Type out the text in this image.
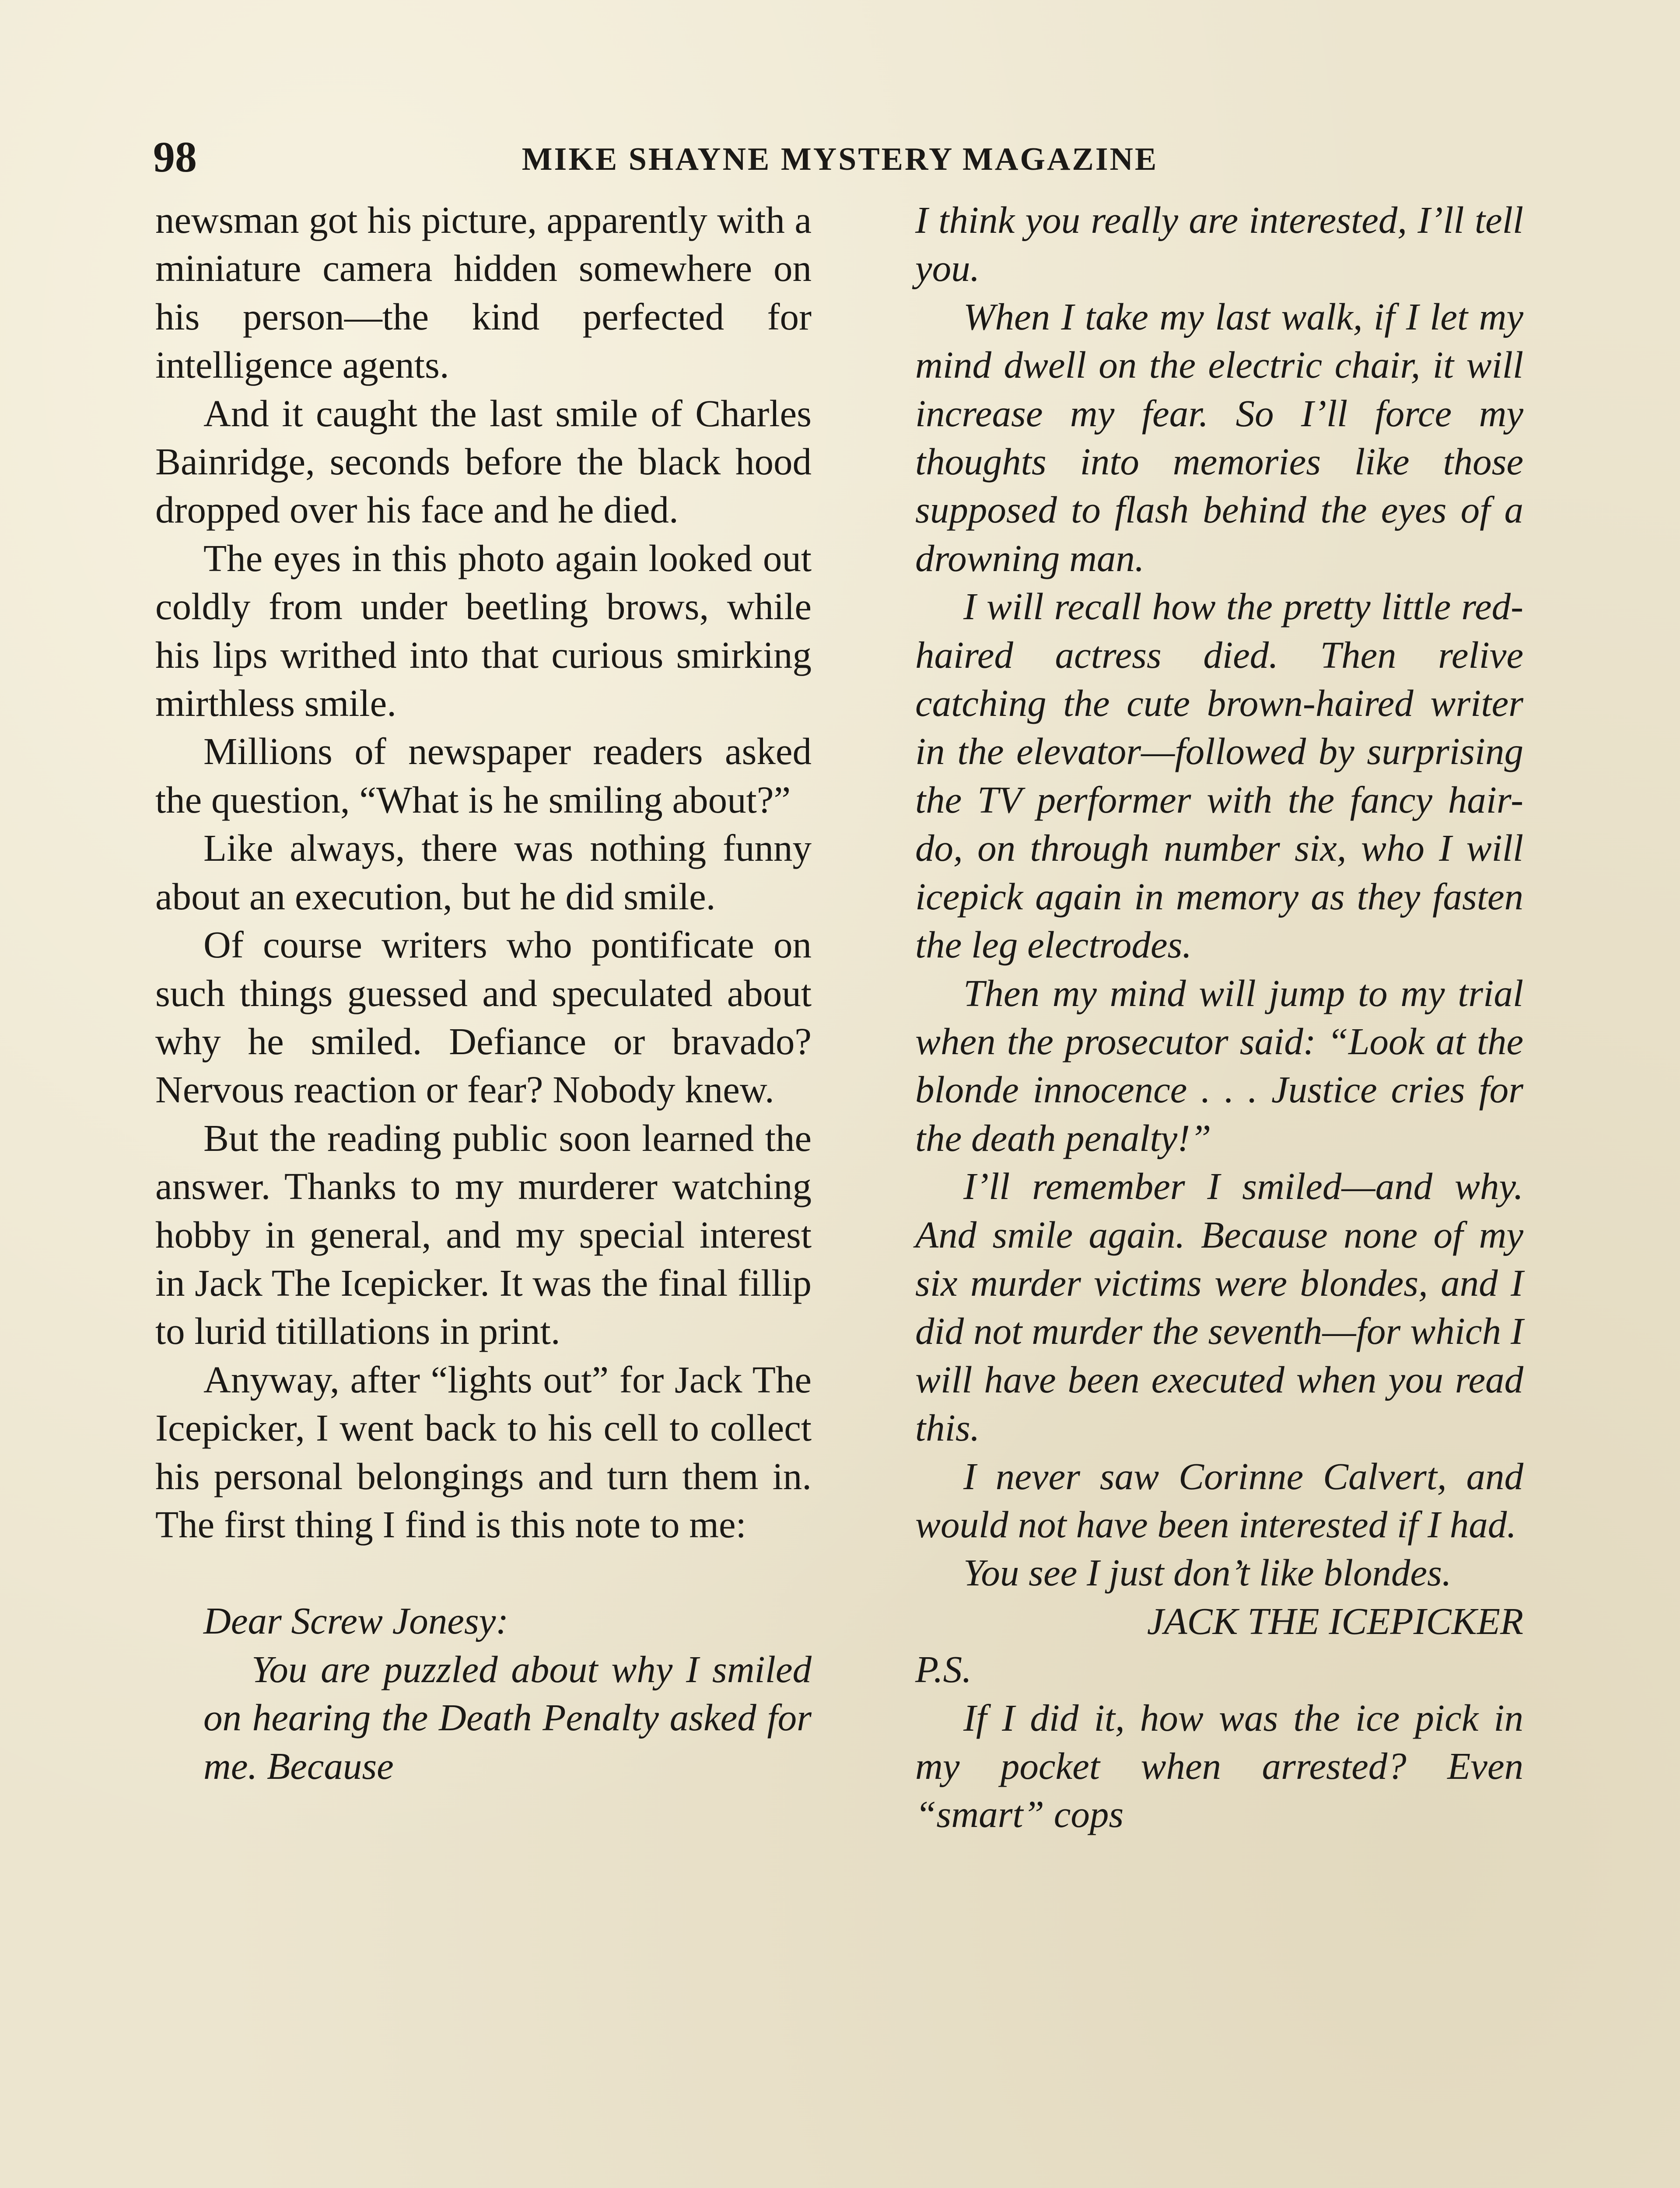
98	MIKE SHAYNE MYSTERY MAGAZINE

newsman got his picture, apparently with a miniature camera hidden somewhere on his person—the kind perfected for intelligence agents.

And it caught the last smile of Charles Bainridge, seconds before the black hood dropped over his face and he died.

The eyes in this photo again looked out coldly from under beetling brows, while his lips writhed into that curious smirking mirthless smile.

Millions of newspaper readers asked the question, “What is he smiling about?”

Like always, there was nothing funny about an execution, but he did smile.

Of course writers who pontificate on such things guessed and speculated about why he smiled. Defiance or bravado? Nervous reaction or fear? Nobody knew.

But the reading public soon learned the answer. Thanks to my murderer watching hobby in general, and my special interest in Jack The Icepicker. It was the final fillip to lurid titillations in print.

Anyway, after “lights out” for Jack The Icepicker, I went back to his cell to collect his personal belongings and turn them in. The first thing I find is this note to me:

Dear Screw Jonesy:

You are puzzled about why I smiled on hearing the Death Penalty asked for me. Because

I think you really are interested, I’ll tell you.

When I take my last walk, if I let my mind dwell on the electric chair, it will increase my fear. So I’ll force my thoughts into memories like those supposed to flash behind the eyes of a drowning man.

I will recall how the pretty little red-haired actress died. Then relive catching the cute brown-haired writer in the elevator—followed by surprising the TV performer with the fancy hair-do, on through number six, who I will icepick again in memory as they fasten the leg electrodes.

Then my mind will jump to my trial when the prosecutor said: “Look at the blonde innocence . . . Justice cries for the death penalty!”

I’ll remember I smiled—and why. And smile again. Because none of my six murder victims were blondes, and I did not murder the seventh—for which I will have been executed when you read this.

I never saw Corinne Calvert, and would not have been interested if I had.

You see I just don’t like blondes.

JACK THE ICEPICKER

P.S.

If I did it, how was the ice pick in my pocket when arrested? Even “smart” cops
